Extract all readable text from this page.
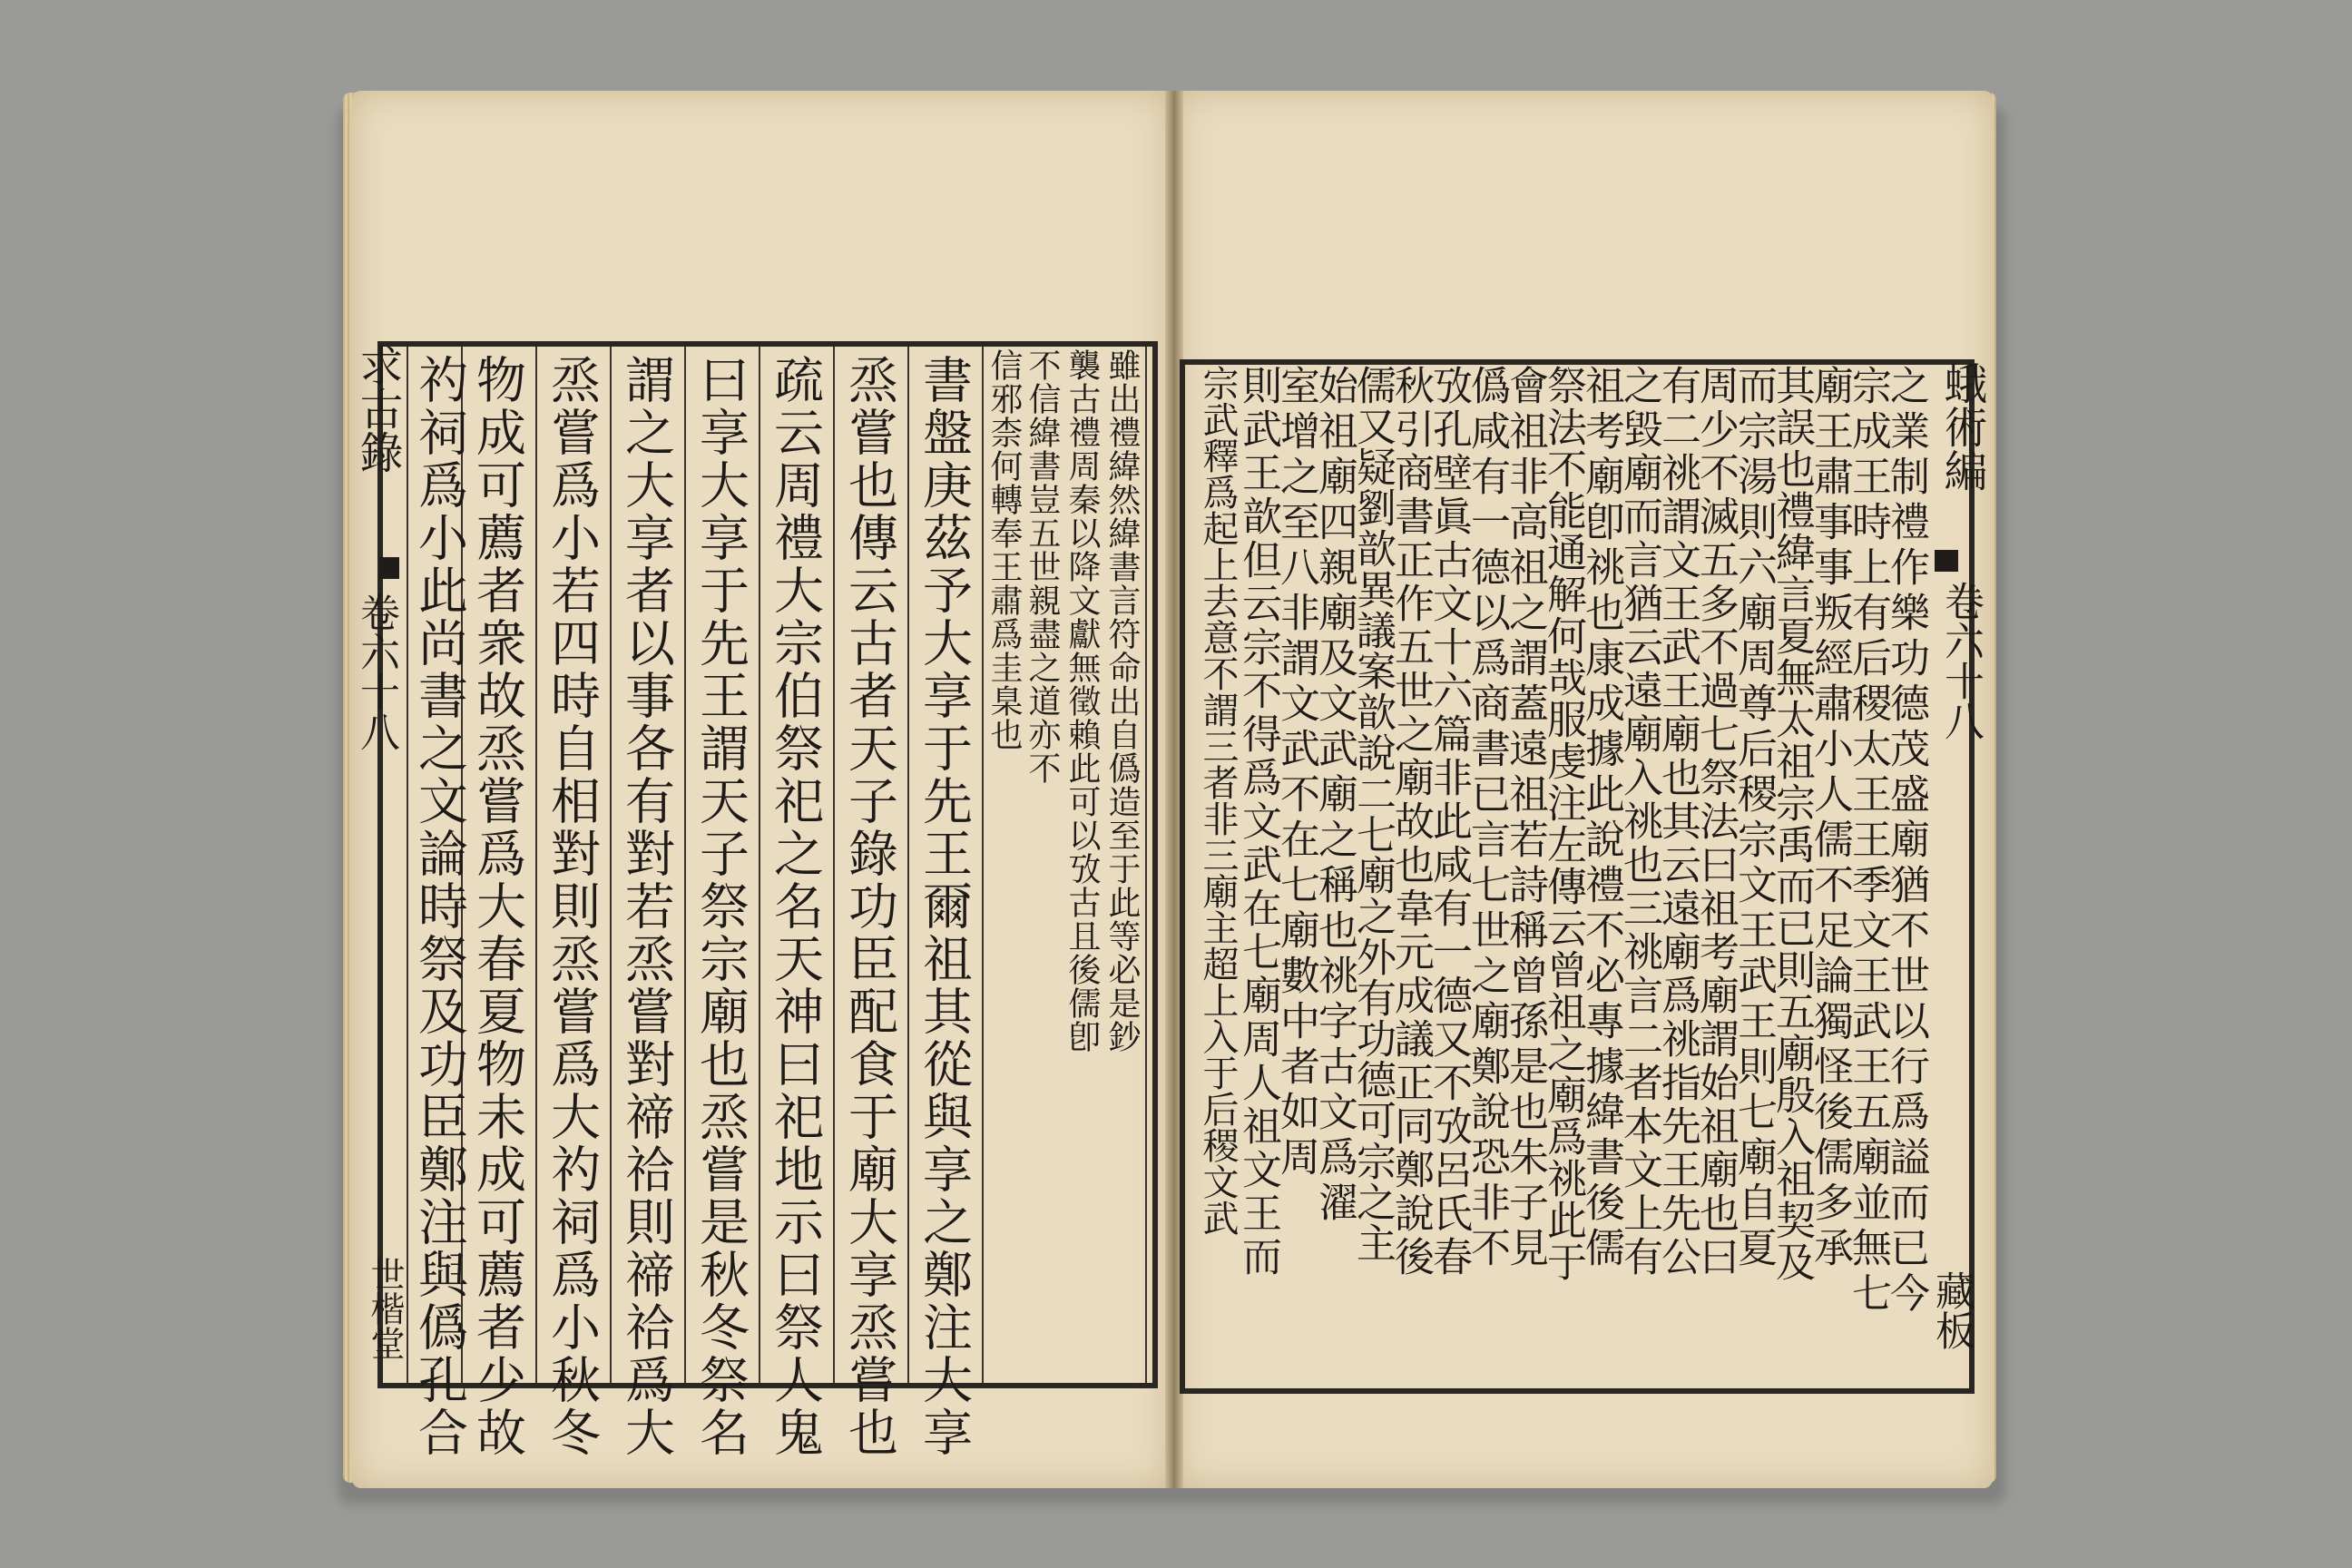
求古錄
卷六十八
世楷堂
雖出禮緯然緯書言符命出自僞造至于此等必是鈔
襲古禮周秦以降文獻無徵賴此可以攷古且後儒卽
不信緯書豈五世親盡之道亦不
信邪柰何轉奉王肅爲圭臬也
書盤庚茲予大享于先王爾祖其從與享之鄭注大享
烝嘗也傳云古者天子錄功臣配食于廟大享烝嘗也
疏云周禮大宗伯祭祀之名天神曰祀地示曰祭人鬼
曰享大享于先王謂天子祭宗廟也烝嘗是秋冬祭名
謂之大享者以事各有對若烝嘗對禘祫則禘祫爲大
烝嘗爲小若四時自相對則烝嘗爲大礿祠爲小秋冬
物成可薦者衆故烝嘗爲大春夏物未成可薦者少故
礿祠爲小此尚書之文論時祭及功臣鄭注與僞孔合	蛾術編
卷六十八
藏板
之業制禮作樂功德茂盛廟猶不世以行爲謚而已今
宗成王時上有后稷太王王季文王武王五廟並無七
廟王肅事事叛經肅小人儒不足論獨怪後儒多承
其誤也禮緯言夏無太祖宗禹而已則五廟殷入祖契及
而宗湯則六廟周尊后稷宗文王武王則七廟自夏
周少不滅五多不過七祭法曰祖考廟謂始祖廟也曰
有二祧謂文王武王廟也其云遠廟爲祧指先王先公
之毀廟而言猶云遠廟入祧也三祧言二者本文上有
祖考廟卽祧也康成據此說禮不必專據緯書後儒
祭法不能通解何哉服虔注左傳云曾祖之廟爲祧此于
會祖非高祖之謂蓋遠祖若詩稱曾孫是也朱子見
僞咸有一德以爲商書已言七世之廟鄭說恐非不
攷孔壁眞古文十六篇非此咸有一德又不攷呂氏春
秋引商書正作五世之廟故也韋元成議正同鄭說後
儒又疑劉歆異議案歆說二七廟之外有功德可宗之主
始祖廟四親廟及文武廟之稱也祧字古文爲濯
室增之至八非謂文武不在七廟數中者如周
則武王歆但云宗不得爲文武在七廟周人祖文王而
宗武釋爲起上去意不謂三者非三廟主超上入于后稷文武
